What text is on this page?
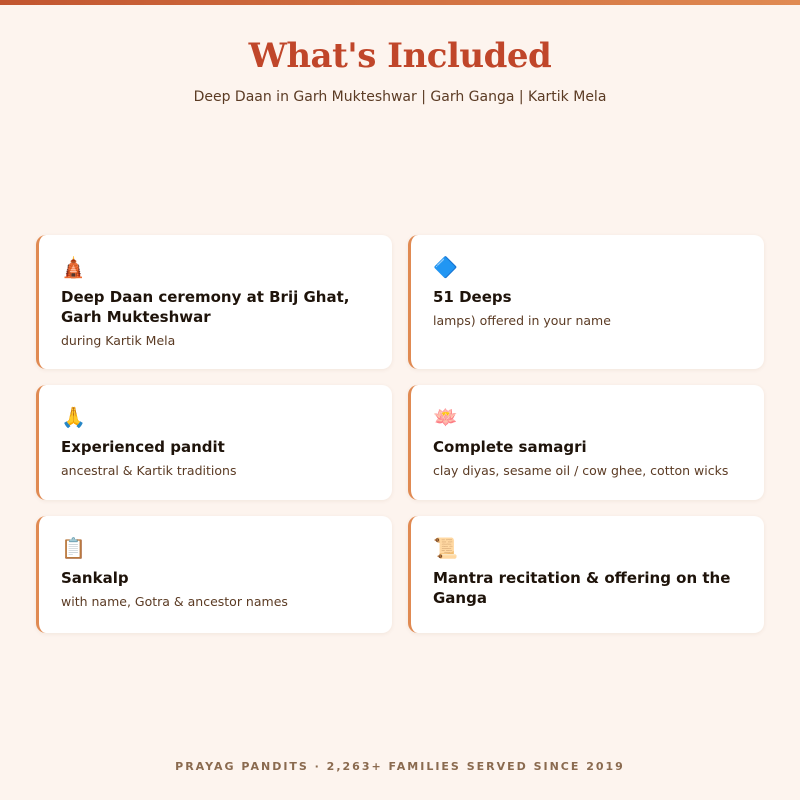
What's Included

Deep Daan in Garh Mukteshwar | Garh Ganga | Kartik Mela

🛕

Deep Daan ceremony at Brij Ghat, Garh Mukteshwar

during Kartik Mela

🔷

51 Deeps

lamps) offered in your name

🙏

Experienced pandit

ancestral & Kartik traditions

🪷

Complete samagri

clay diyas, sesame oil / cow ghee, cotton wicks

📋

Sankalp

with name, Gotra & ancestor names

📜

Mantra recitation & offering on the Ganga

PRAYAG PANDITS · 2,263+ FAMILIES SERVED SINCE 2019
